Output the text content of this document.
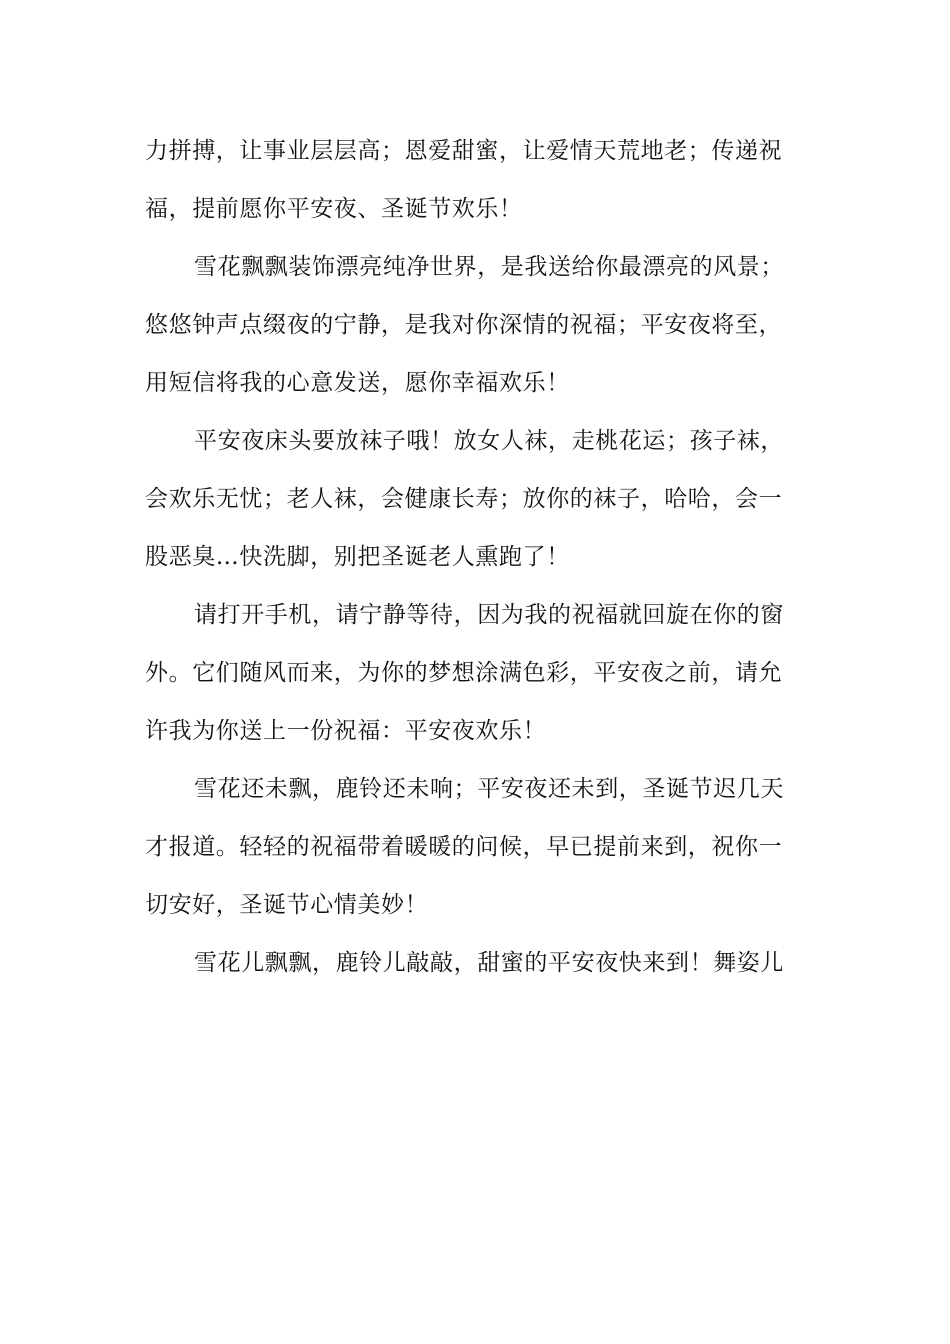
力拼搏，让事业层层高；恩爱甜蜜，让爱情天荒地老；传递祝
福，提前愿你平安夜、圣诞节欢乐！
雪花飘飘装饰漂亮纯净世界，是我送给你最漂亮的风景；
悠悠钟声点缀夜的宁静，是我对你深情的祝福；平安夜将至，
用短信将我的心意发送，愿你幸福欢乐！
平安夜床头要放袜子哦！放女人袜，走桃花运；孩子袜，
会欢乐无忧；老人袜，会健康长寿；放你的袜子，哈哈，会一
股恶臭…快洗脚，别把圣诞老人熏跑了！
请打开手机，请宁静等待，因为我的祝福就回旋在你的窗
外。它们随风而来，为你的梦想涂满色彩，平安夜之前，请允
许我为你送上一份祝福：平安夜欢乐！
雪花还未飘，鹿铃还未响；平安夜还未到，圣诞节迟几天
才报道。轻轻的祝福带着暖暖的问候，早已提前来到，祝你一
切安好，圣诞节心情美妙！
雪花儿飘飘，鹿铃儿敲敲，甜蜜的平安夜快来到！舞姿儿
